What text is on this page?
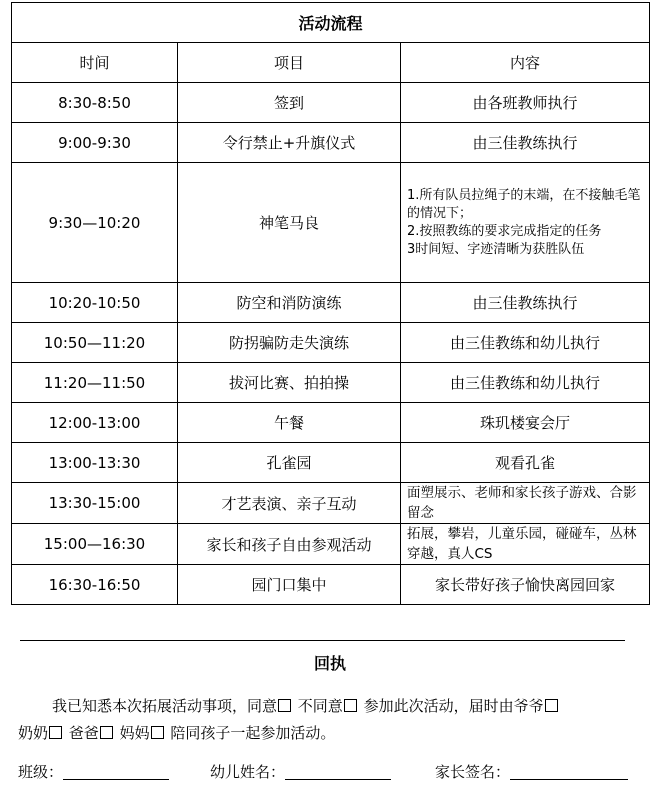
活动流程		
时间	项目	内容
8:30-8:50	签到	由各班教师执行
9:00-9:30	令行禁止+升旗仪式	由三佳教练执行
9:30—10:20	神笔马良	1.所有队员拉绳子的末端，在不接触毛笔的情况下；
2.按照教练的要求完成指定的任务
3时间短、字迹清晰为获胜队伍

10:20-10:50	防空和消防演练	由三佳教练执行
10:50—11:20	防拐骗防走失演练	由三佳教练和幼儿执行
11:20—11:50	拔河比赛、拍拍操	由三佳教练和幼儿执行
12:00-13:00	午餐	珠玑楼宴会厅
13:00-13:30	孔雀园	观看孔雀
13:30-15:00	才艺表演、亲子互动	面塑展示、老师和家长孩子游戏、合影留念
15:00—16:30	家长和孩子自由参观活动	拓展，攀岩，儿童乐园，碰碰车，丛林穿越，真人CS
16:30-16:50	园门口集中	家长带好孩子愉快离园回家
回执
我已知悉本次拓展活动事项，同意 不同意 参加此次活动，届时由爷爷
奶奶 爸爸 妈妈 陪同孩子一起参加活动。
班级：	幼儿姓名：	家长签名：
